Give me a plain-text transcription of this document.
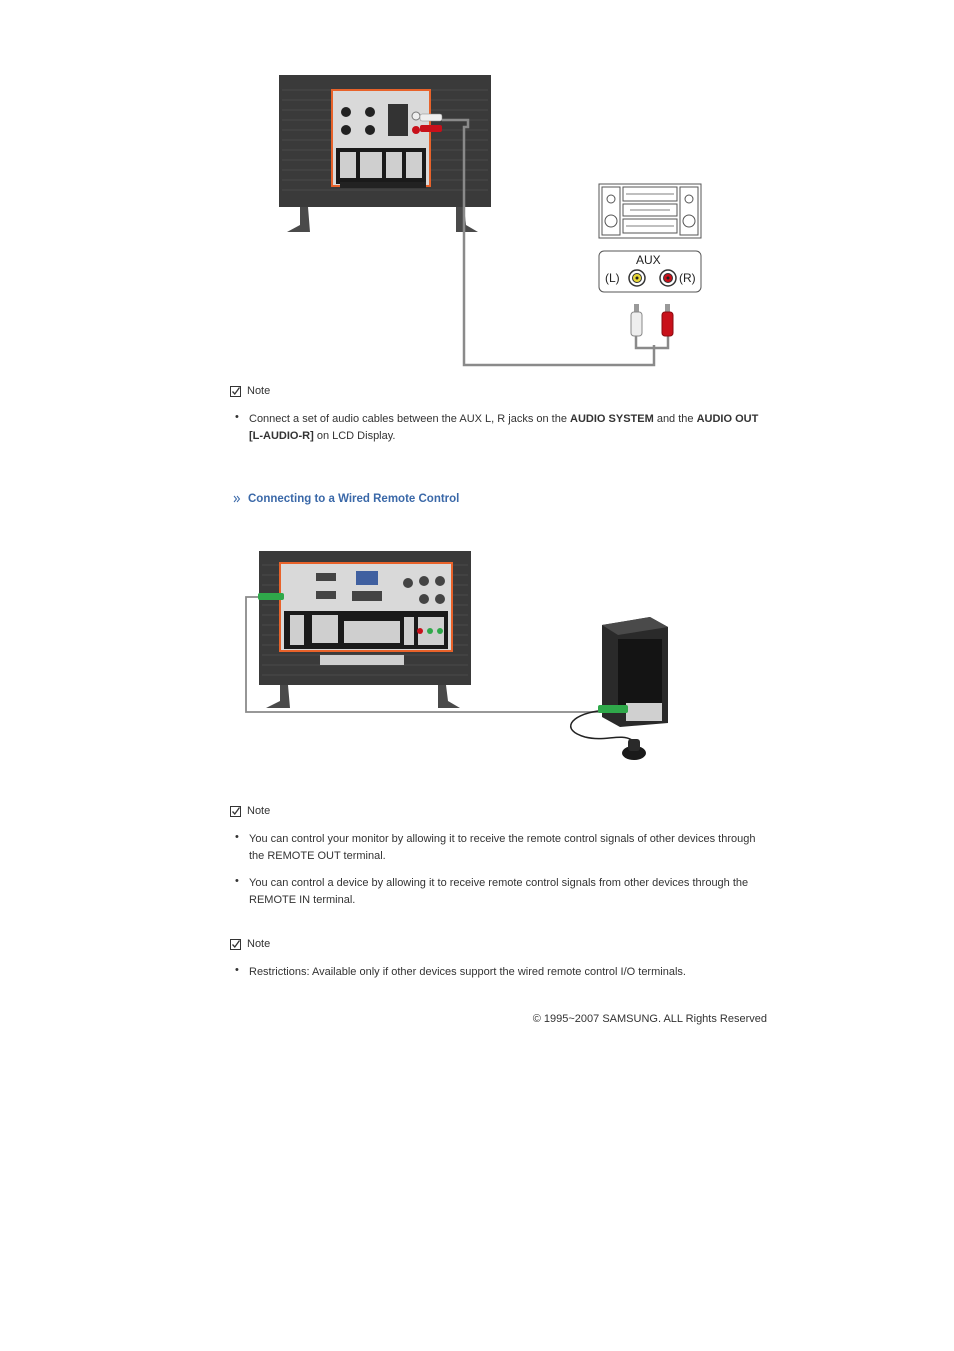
AUX
(L)	(R)
Note
• Connect a set of audio cables between the AUX L, R jacks on the AUDIO SYSTEM and the AUDIO OUT [L-AUDIO-R] on LCD Display.
Connecting to a Wired Remote Control
Note
• You can control your monitor by allowing it to receive the remote control signals of other devices through the REMOTE OUT terminal.
• You can control a device by allowing it to receive remote control signals from other devices through the REMOTE IN terminal.
Note
• Restrictions: Available only if other devices support the wired remote control I/O terminals.
© 1995~2007 SAMSUNG. ALL Rights Reserved
